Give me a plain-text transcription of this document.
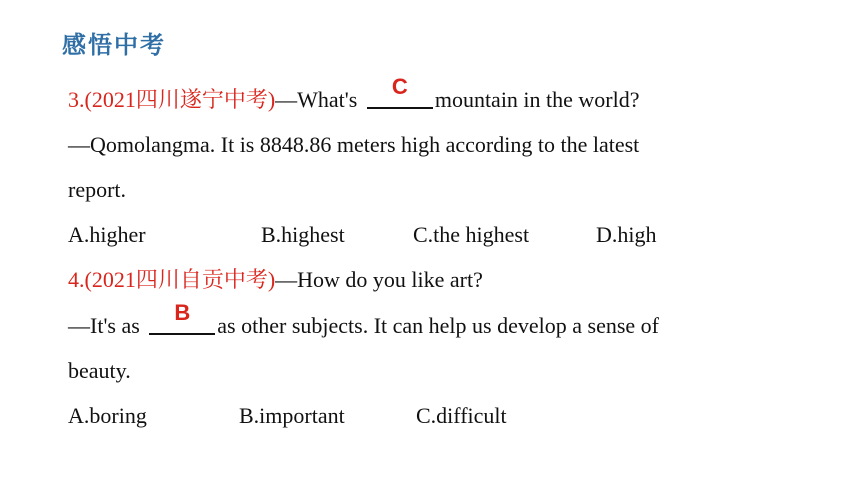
感悟中考
3.(2021四川遂宁中考)—What's
C
mountain in the world?
—Qomolangma. It is 8848.86 meters high according to the latest
report.
A.higher	B.highest	C.the highest	D.high
4.(2021四川自贡中考)—How do you like art?
—It's as
B
as other subjects. It can help us develop a sense of
beauty.
A.boring	B.important	C.difficult
